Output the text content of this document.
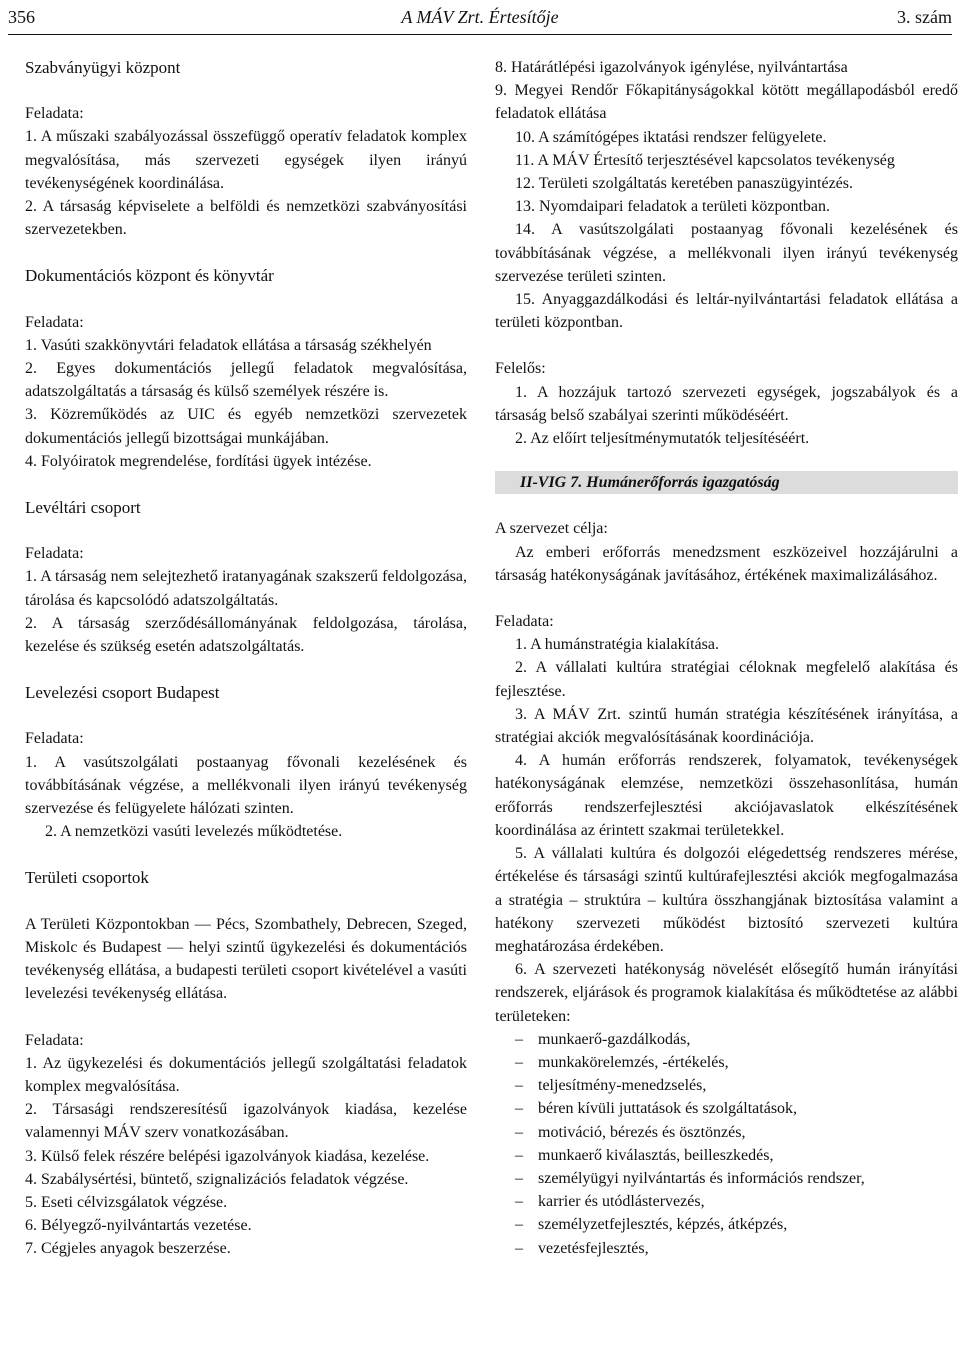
356	A MÁV Zrt. Értesítője	3. szám

Szabványügyi központ

Feladata:

1. A műszaki szabályozással összefüggő operatív feladatok komplex megvalósítása, más szervezeti egységek ilyen irányú tevékenységének koordinálása.

2. A társaság képviselete a belföldi és nemzetközi szabványosítási szervezetekben.

Dokumentációs központ és könyvtár

Feladata:

1. Vasúti szakkönyvtári feladatok ellátása a társaság székhelyén

2. Egyes dokumentációs jellegű feladatok megvalósítása, adatszolgáltatás a társaság és külső személyek részére is.

3. Közreműködés az UIC és egyéb nemzetközi szervezetek dokumentációs jellegű bizottságai munkájában.

4. Folyóiratok megrendelése, fordítási ügyek intézése.

Levéltári csoport

Feladata:

1. A társaság nem selejtezhető iratanyagának szakszerű feldolgozása, tárolása és kapcsolódó adatszolgáltatás.

2. A társaság szerződésállományának feldolgozása, tárolása, kezelése és szükség esetén adatszolgáltatás.

Levelezési csoport Budapest

Feladata:

1. A vasútszolgálati postaanyag fővonali kezelésének és továbbításának végzése, a mellékvonali ilyen irányú tevékenység szervezése és felügyelete hálózati szinten.

2. A nemzetközi vasúti levelezés működtetése.

Területi csoportok

A Területi Központokban ― Pécs, Szombathely, Debrecen, Szeged, Miskolc és Budapest ― helyi szintű ügykezelési és dokumentációs tevékenység ellátása, a budapesti területi csoport kivételével a vasúti levelezési tevékenység ellátása.

Feladata:

1. Az ügykezelési és dokumentációs jellegű szolgáltatási feladatok komplex megvalósítása.

2. Társasági rendszeresítésű igazolványok kiadása, kezelése valamennyi MÁV szerv vonatkozásában.

3. Külső felek részére belépési igazolványok kiadása, kezelése.

4. Szabálysértési, büntető, szignalizációs feladatok végzése.

5. Eseti célvizsgálatok végzése.

6. Bélyegző-nyilvántartás vezetése.

7. Cégjeles anyagok beszerzése.

8. Határátlépési igazolványok igénylése, nyilvántartása

9. Megyei Rendőr Főkapitányságokkal kötött megállapodásból eredő feladatok ellátása

10. A számítógépes iktatási rendszer felügyelete.

11. A MÁV Értesítő terjesztésével kapcsolatos tevékenység

12. Területi szolgáltatás keretében panaszügyintézés.

13. Nyomdaipari feladatok a területi központban.

14. A vasútszolgálati postaanyag fővonali kezelésének és továbbításának végzése, a mellékvonali ilyen irányú tevékenység szervezése területi szinten.

15. Anyaggazdálkodási és leltár-nyilvántartási feladatok ellátása a területi központban.

Felelős:

1. A hozzájuk tartozó szervezeti egységek, jogszabályok és a társaság belső szabályai szerinti működéséért.

2. Az előírt teljesítménymutatók teljesítéséért.

II-VIG 7. Humánerőforrás igazgatóság

A szervezet célja:

Az emberi erőforrás menedzsment eszközeivel hozzájárulni a társaság hatékonyságának javításához, értékének maximalizálásához.

Feladata:

1. A humánstratégia kialakítása.

2. A vállalati kultúra stratégiai céloknak megfelelő alakítása és fejlesztése.

3. A MÁV Zrt. szintű humán stratégia készítésének irányítása, a stratégiai akciók megvalósításának koordinációja.

4. A humán erőforrás rendszerek, folyamatok, tevékenységek hatékonyságának elemzése, nemzetközi összehasonlítása, humán erőforrás rendszerfejlesztési akciójavaslatok elkészítésének koordinálása az érintett szakmai területekkel.

5. A vállalati kultúra és dolgozói elégedettség rendszeres mérése, értékelése és társasági szintű kultúrafejlesztési akciók megfogalmazása a stratégia – struktúra – kultúra összhangjának biztosítása valamint a hatékony szervezeti működést biztosító szervezeti kultúra meghatározása érdekében.

6. A szervezeti hatékonyság növelését elősegítő humán irányítási rendszerek, eljárások és programok kialakítása és működtetése az alábbi területeken:

– munkaerő-gazdálkodás,
– munkakörelemzés, -értékelés,
– teljesítmény-menedzselés,
– béren kívüli juttatások és szolgáltatások,
– motiváció, bérezés és ösztönzés,
– munkaerő kiválasztás, beilleszkedés,
– személyügyi nyilvántartás és információs rendszer,
– karrier és utódlástervezés,
– személyzetfejlesztés, képzés, átképzés,
– vezetésfejlesztés,
